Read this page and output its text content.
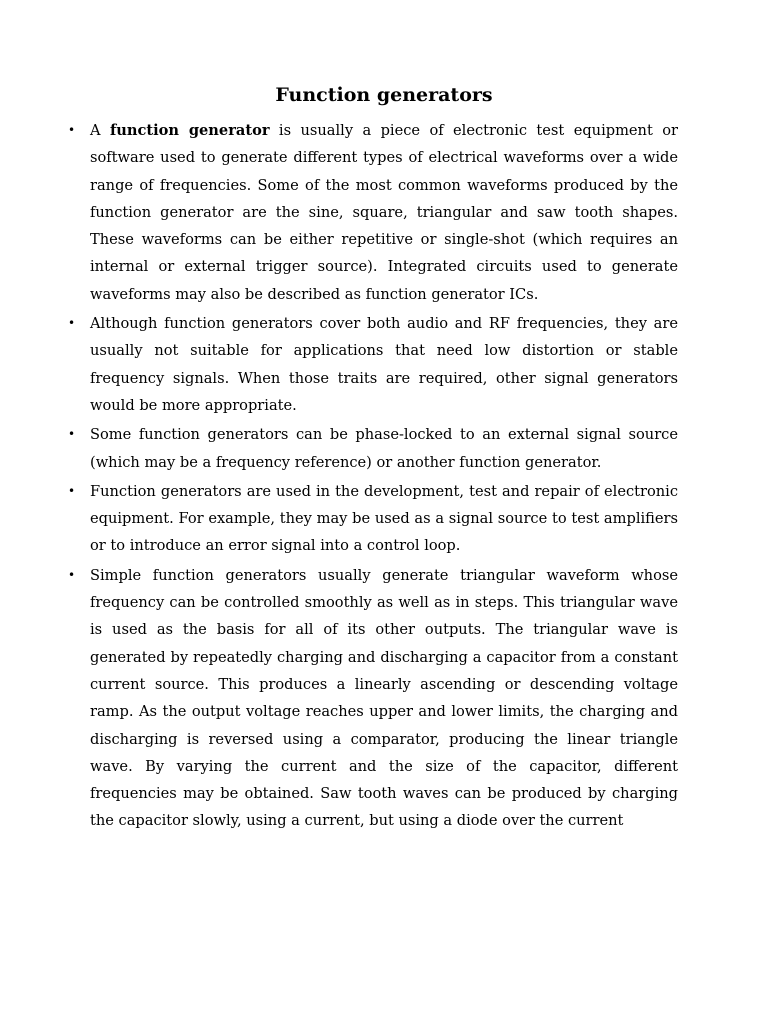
Function generators
• A function generator is usually a piece of electronic test equipment or software used to generate different types of electrical waveforms over a wide range of frequencies. Some of the most common waveforms produced by the function generator are the sine, square, triangular and saw tooth shapes. These waveforms can be either repetitive or single-shot (which requires an internal or external trigger source). Integrated circuits used to generate waveforms may also be described as function generator ICs.
• Although function generators cover both audio and RF frequencies, they are usually not suitable for applications that need low distortion or stable frequency signals. When those traits are required, other signal generators would be more appropriate.
• Some function generators can be phase-locked to an external signal source (which may be a frequency reference) or another function generator.
• Function generators are used in the development, test and repair of electronic equipment. For example, they may be used as a signal source to test amplifiers or to introduce an error signal into a control loop.
• Simple function generators usually generate triangular waveform whose frequency can be controlled smoothly as well as in steps. This triangular wave is used as the basis for all of its other outputs. The triangular wave is generated by repeatedly charging and discharging a capacitor from a constant current source. This produces a linearly ascending or descending voltage ramp. As the output voltage reaches upper and lower limits, the charging and discharging is reversed using a comparator, producing the linear triangle wave. By varying the current and the size of the capacitor, different frequencies may be obtained. Saw tooth waves can be produced by charging the capacitor slowly, using a current, but using a diode over the current
